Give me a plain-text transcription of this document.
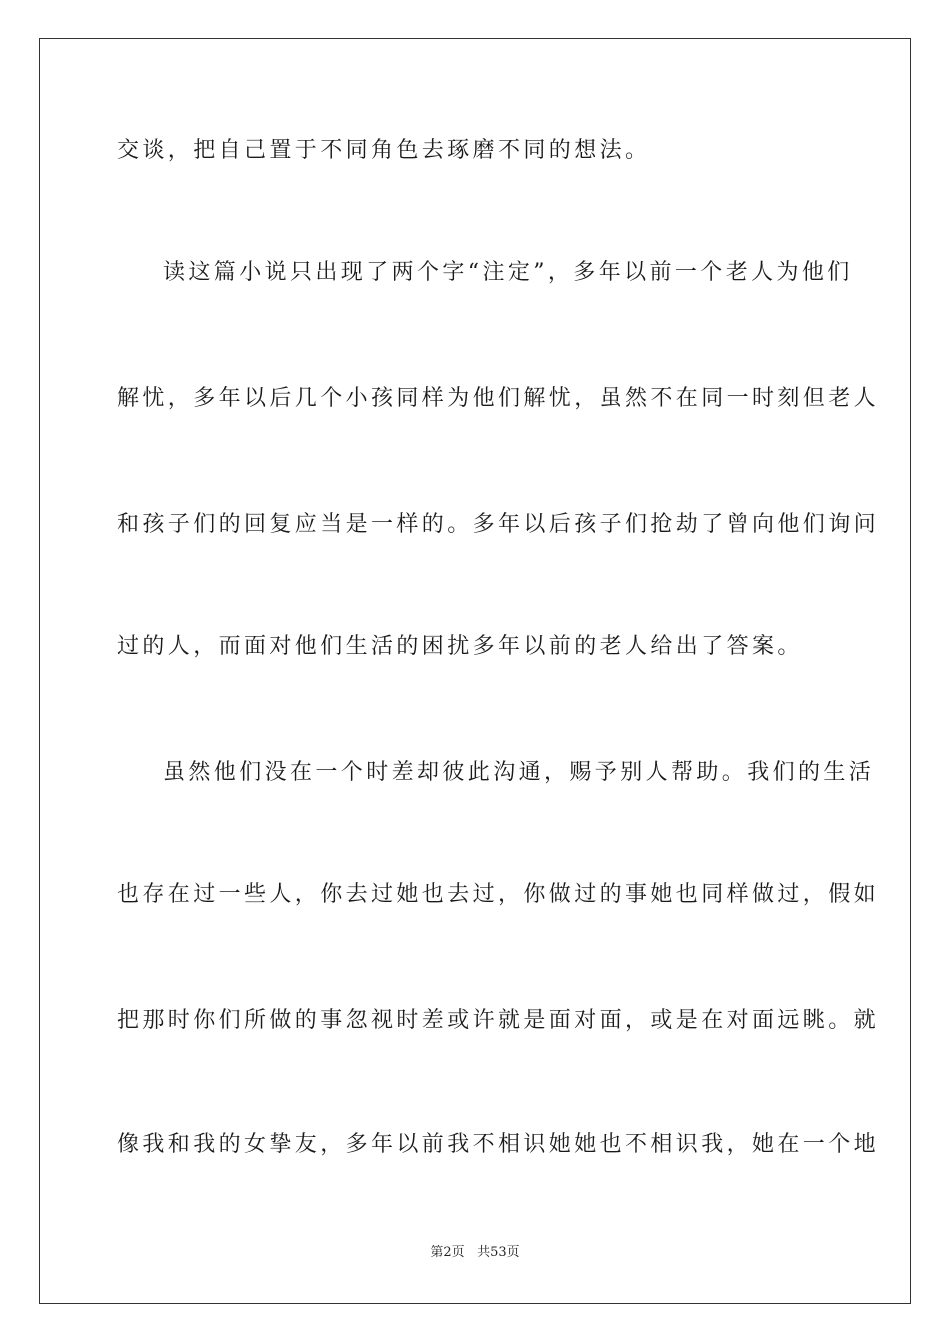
交谈，把自己置于不同角色去琢磨不同的想法。
读这篇小说只出现了两个字“注定”，多年以前一个老人为他们
解忧，多年以后几个小孩同样为他们解忧，虽然不在同一时刻但老人
和孩子们的回复应当是一样的。多年以后孩子们抢劫了曾向他们询问
过的人，而面对他们生活的困扰多年以前的老人给出了答案。
虽然他们没在一个时差却彼此沟通，赐予别人帮助。我们的生活
也存在过一些人，你去过她也去过，你做过的事她也同样做过，假如
把那时你们所做的事忽视时差或许就是面对面，或是在对面远眺。就
像我和我的女挚友，多年以前我不相识她她也不相识我，她在一个地
第2页 共53页
